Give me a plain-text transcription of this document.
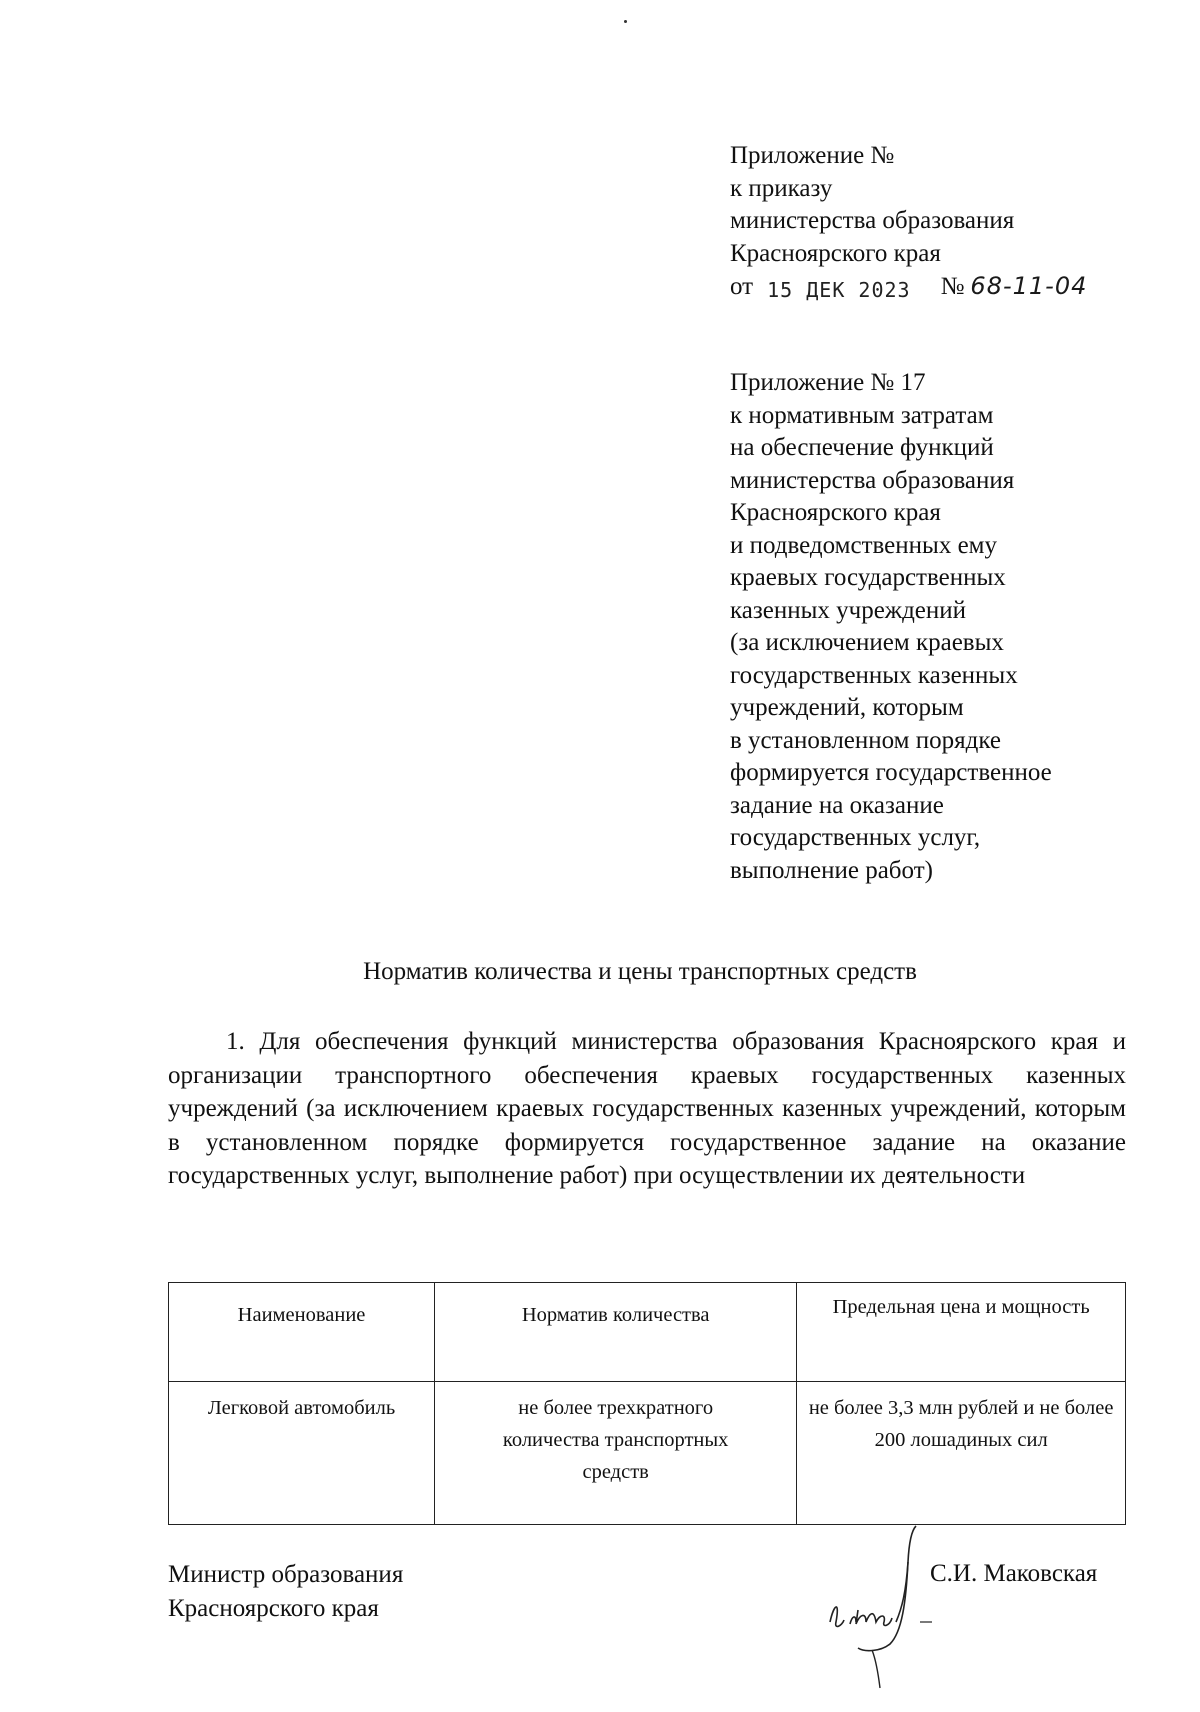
Приложение №
к приказу
министерства образования
Красноярского края
от 15 ДЕК 2023 № 68-11-04
Приложение № 17
к нормативным затратам
на обеспечение функций
министерства образования
Красноярского края
и подведомственных ему
краевых государственных
казенных учреждений
(за исключением краевых
государственных казенных
учреждений, которым
в установленном порядке
формируется государственное
задание на оказание
государственных услуг,
выполнение работ)
Норматив количества и цены транспортных средств
1. Для обеспечения функций министерства образования Красноярского края и организации транспортного обеспечения краевых государственных казенных учреждений (за исключением краевых государственных казенных учреждений, которым в установленном порядке формируется государственное задание на оказание государственных услуг, выполнение работ) при осуществлении их деятельности
Наименование	Норматив количества	Предельная цена и мощность

Легковой автомобиль	не более трехкратного количества транспортных средств	не более 3,3 млн рублей и не более 200 лошадиных сил
Министр образования
Красноярского края
С.И. Маковская
